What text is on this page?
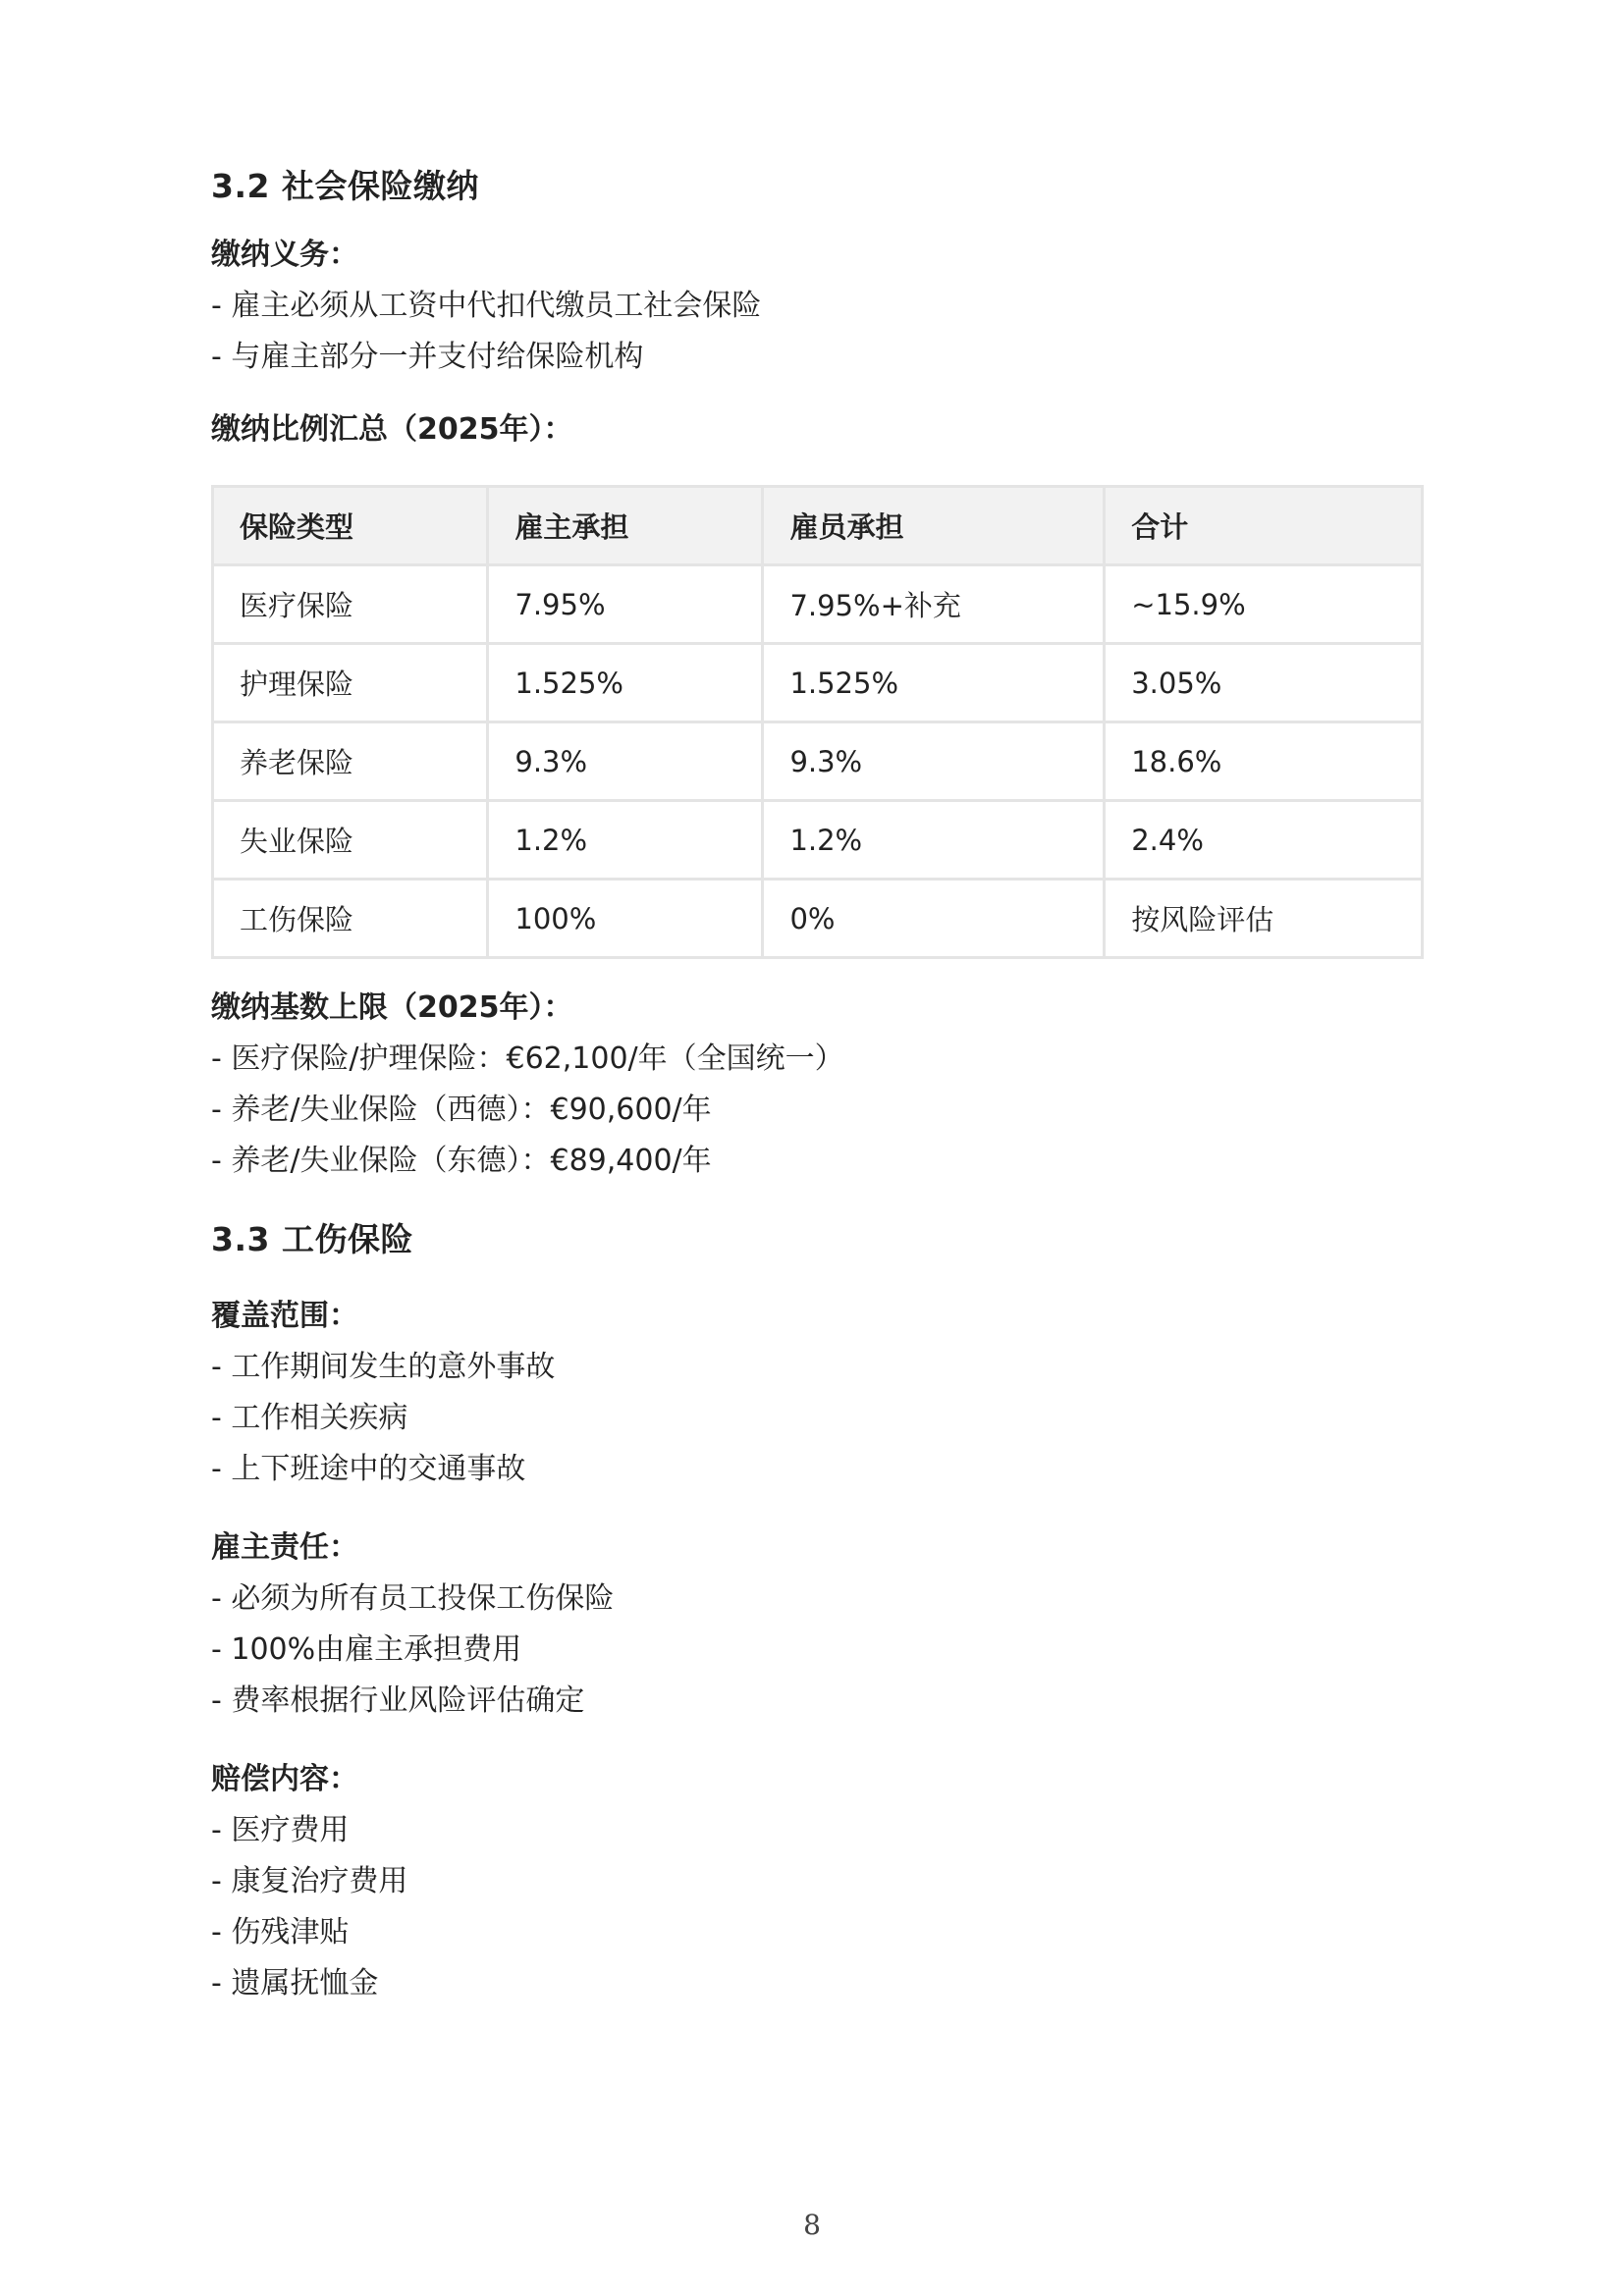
3.2 社会保险缴纳

缴纳义务：

- 雇主必须从工资中代扣代缴员工社会保险
- 与雇主部分一并支付给保险机构

缴纳比例汇总（2025年）：

保险类型	雇主承担	雇员承担	合计
医疗保险	7.95%	7.95%+补充	~15.9%
护理保险	1.525%	1.525%	3.05%
养老保险	9.3%	9.3%	18.6%
失业保险	1.2%	1.2%	2.4%
工伤保险	100%	0%	按风险评估

缴纳基数上限（2025年）：

- 医疗保险/护理保险：€62,100/年（全国统一）
- 养老/失业保险（西德）：€90,600/年
- 养老/失业保险（东德）：€89,400/年
3.3 工伤保险

覆盖范围：

- 工作期间发生的意外事故
- 工作相关疾病
- 上下班途中的交通事故

雇主责任：

- 必须为所有员工投保工伤保险
- 100%由雇主承担费用
- 费率根据行业风险评估确定

赔偿内容：

- 医疗费用
- 康复治疗费用
- 伤残津贴
- 遗属抚恤金
8
